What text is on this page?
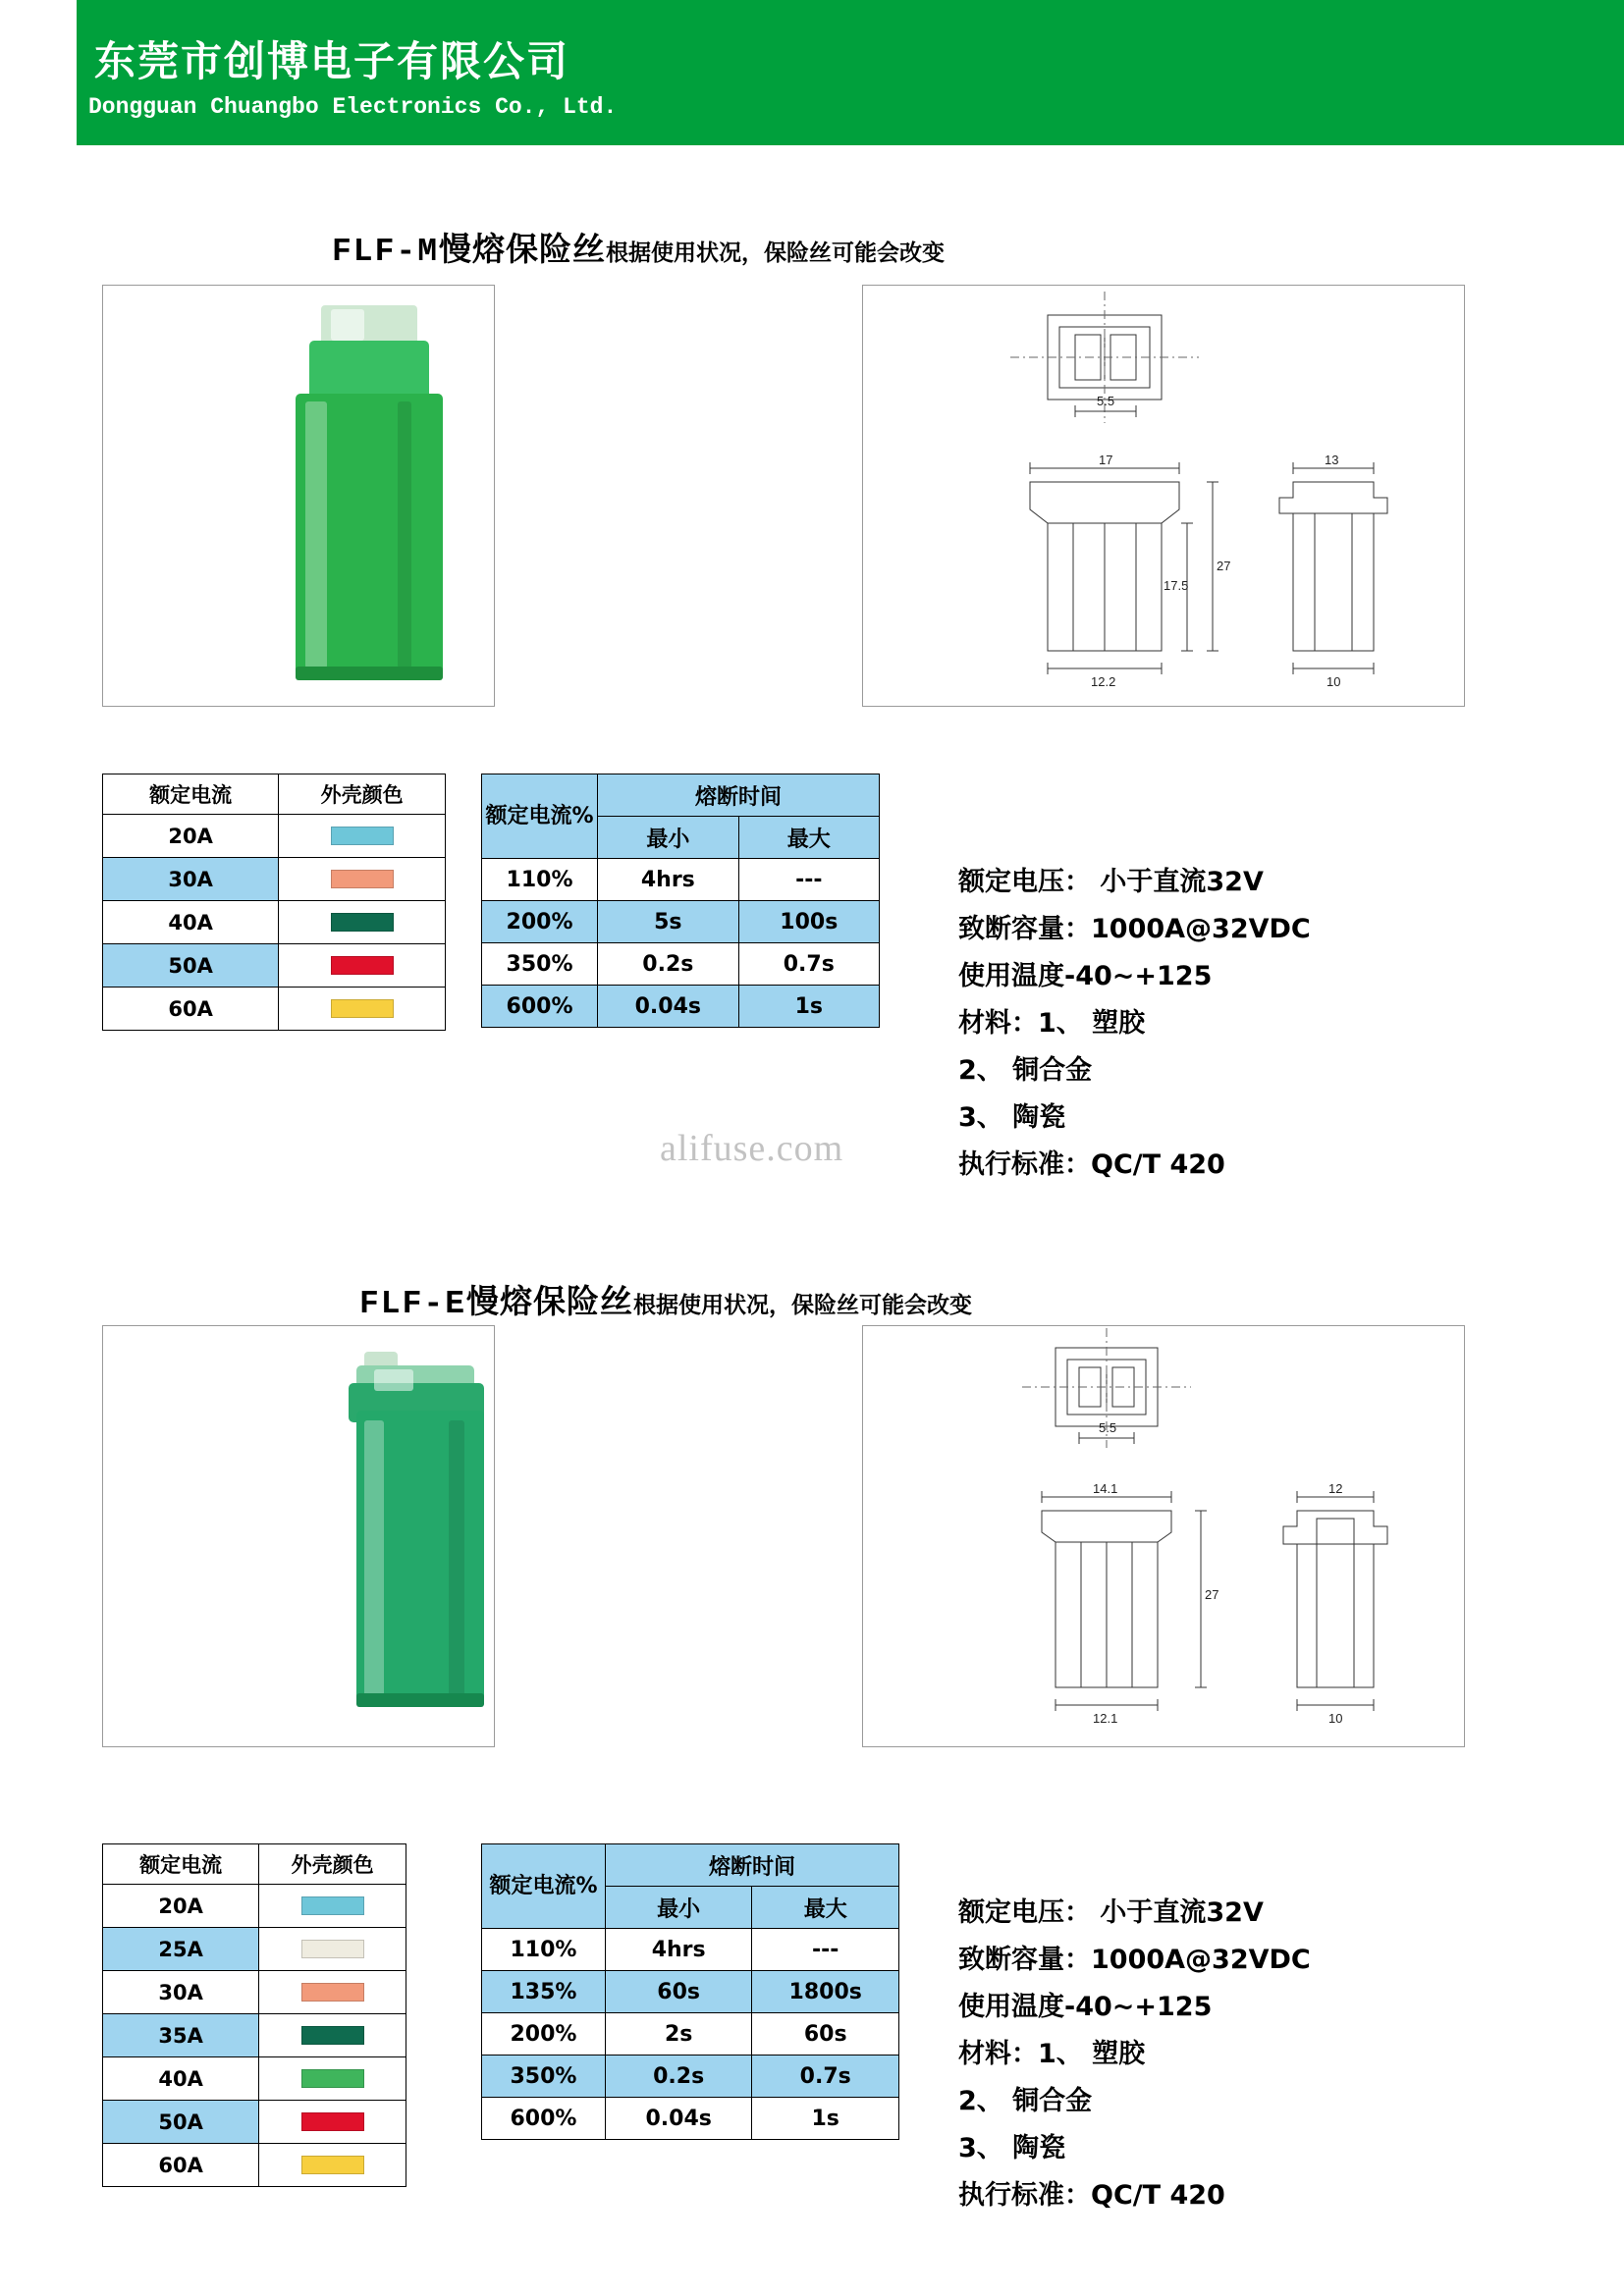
东莞市创博电子有限公司
Dongguan Chuangbo Electronics Co., Ltd.
FLF-M慢熔保险丝根据使用状况，保险丝可能会改变
5.5
17
27
17.5
12.2
13
10
额定电流	外壳颜色
20A	

30A	

40A	

50A	

60A	
额定电流%	熔断时间	
	最小	最大
110%	4hrs	---
200%	5s	100s
350%	0.2s	0.7s
600%	0.04s	1s
alifuse.com
额定电压： 小于直流32V
致断容量：1000A@32VDC
使用温度-40~+125
材料：1、 塑胶
2、 铜合金
3、 陶瓷
执行标准：QC/T 420
FLF-E慢熔保险丝根据使用状况，保险丝可能会改变
5.5
14.1
27
12.1
12
10
额定电流	外壳颜色
20A	

25A	

30A	

35A	

40A	

50A	

60A	
额定电流%	熔断时间	
	最小	最大
110%	4hrs	---
135%	60s	1800s
200%	2s	60s
350%	0.2s	0.7s
600%	0.04s	1s
额定电压： 小于直流32V
致断容量：1000A@32VDC
使用温度-40~+125
材料：1、 塑胶
2、 铜合金
3、 陶瓷
执行标准：QC/T 420
